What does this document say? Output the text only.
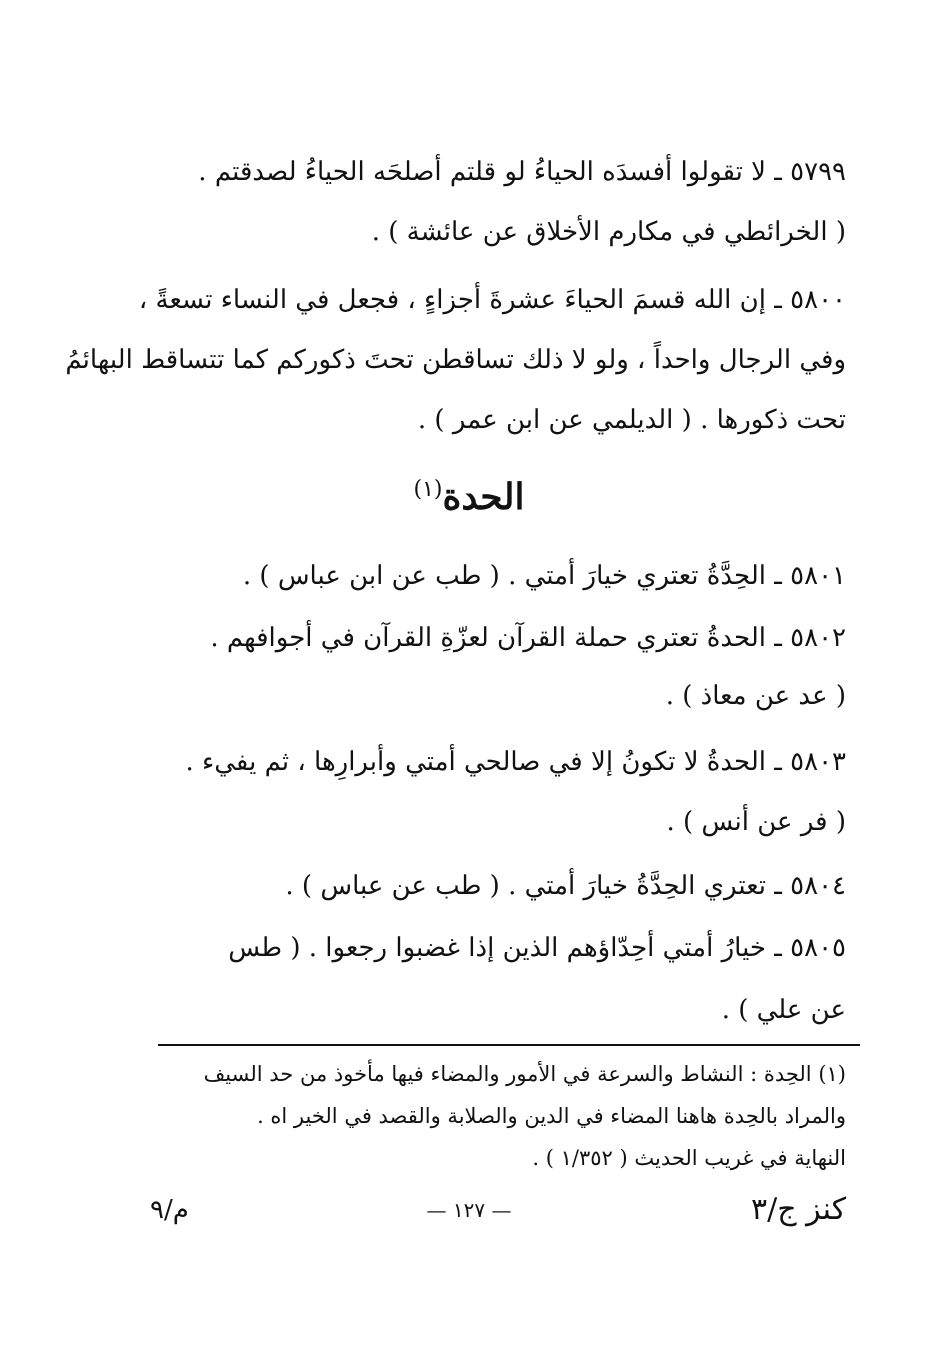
٥٧٩٩ ـ لا تقولوا أفسدَه الحياءُ لو قلتم أصلحَه الحياءُ لصدقتم .
( الخرائطي في مكارم الأخلاق عن عائشة ) .
٥٨٠٠ ـ إن الله قسمَ الحياءَ عشرةَ أجزاءٍ ، فجعل في النساء تسعةً ،
وفي الرجال واحداً ، ولو لا ذلك تساقطن تحتَ ذكوركم كما تتساقط البهائمُ
تحت ذكورها . ( الديلمي عن ابن عمر ) .
الحدة$^{(١)}$
٥٨٠١ ـ الحِدَّةُ تعتري خيارَ أمتي . ( طب عن ابن عباس ) .
٥٨٠٢ ـ الحدةُ تعتري حملة القرآن لعزّةِ القرآن في أجوافهم .
( عد عن معاذ ) .
٥٨٠٣ ـ الحدةُ لا تكونُ إلا في صالحي أمتي وأبرارِها ، ثم يفيء .
( فر عن أنس ) .
٥٨٠٤ ـ تعتري الحِدَّةُ خيارَ أمتي . ( طب عن عباس ) .
٥٨٠٥ ـ خيارُ أمتي أحِدّاؤهم الذين إذا غضبوا رجعوا . ( طس
عن علي ) .
(١) الحِدة : النشاط والسرعة في الأمور والمضاء فيها مأخوذ من حد السيف
والمراد بالحِدة هاهنا المضاء في الدين والصلابة والقصد في الخير اه .
النهاية في غريب الحديث ( ١/٣٥٢ ) .
كنز ج/٣
— ١٢٧ —
م/٩
